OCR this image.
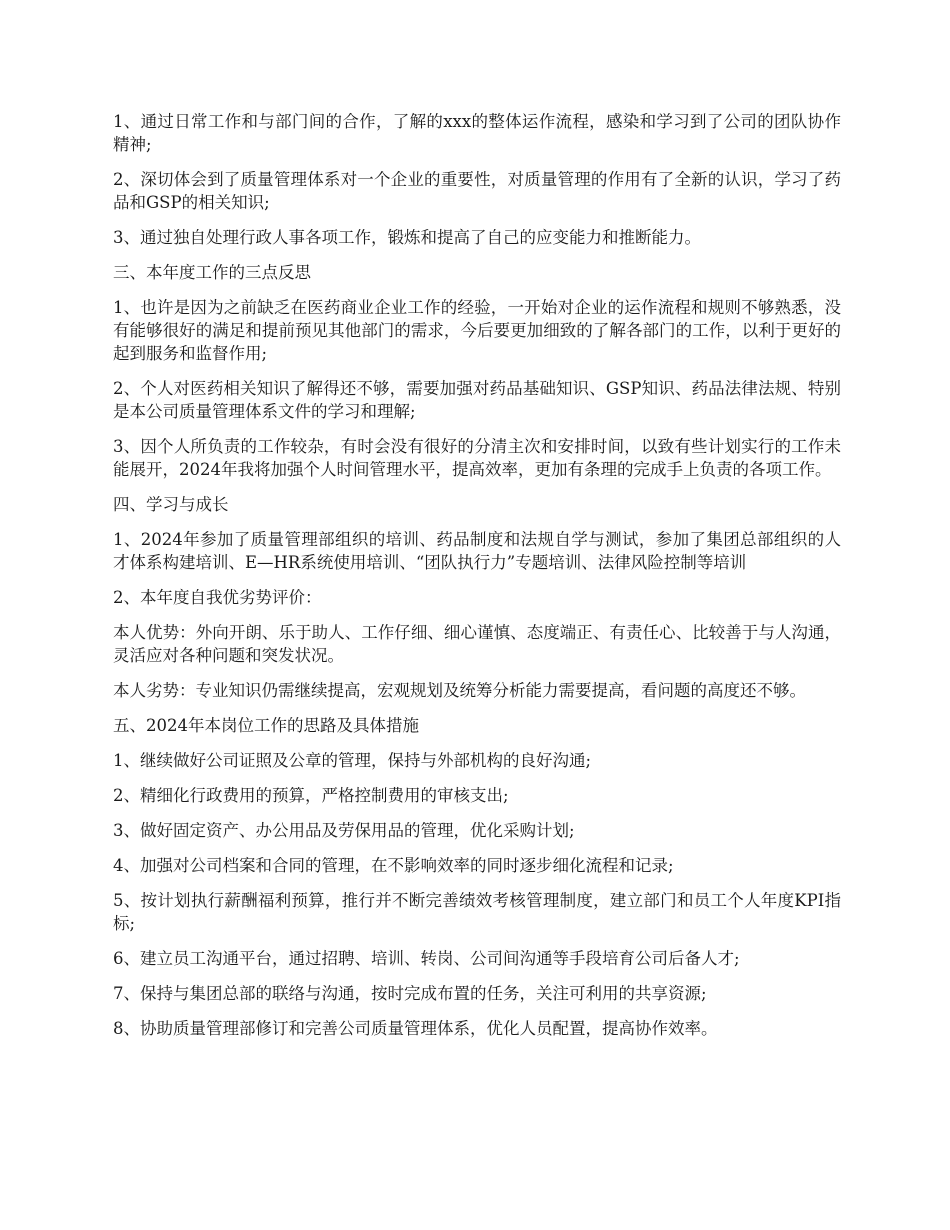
1、通过日常工作和与部门间的合作，了解的xxx的整体运作流程，感染和学习到了公司的团队协作精神;

2、深切体会到了质量管理体系对一个企业的重要性，对质量管理的作用有了全新的认识，学习了药品和GSP的相关知识;

3、通过独自处理行政人事各项工作，锻炼和提高了自己的应变能力和推断能力。

三、本年度工作的三点反思

1、也许是因为之前缺乏在医药商业企业工作的经验，一开始对企业的运作流程和规则不够熟悉，没有能够很好的满足和提前预见其他部门的需求，今后要更加细致的了解各部门的工作，以利于更好的起到服务和监督作用;

2、个人对医药相关知识了解得还不够，需要加强对药品基础知识、GSP知识、药品法律法规、特别是本公司质量管理体系文件的学习和理解;

3、因个人所负责的工作较杂，有时会没有很好的分清主次和安排时间，以致有些计划实行的工作未能展开，2024年我将加强个人时间管理水平，提高效率，更加有条理的完成手上负责的各项工作。

四、学习与成长

1、2024年参加了质量管理部组织的培训、药品制度和法规自学与测试，参加了集团总部组织的人才体系构建培训、E—HR系统使用培训、“团队执行力”专题培训、法律风险控制等培训

2、本年度自我优劣势评价：

本人优势：外向开朗、乐于助人、工作仔细、细心谨慎、态度端正、有责任心、比较善于与人沟通，灵活应对各种问题和突发状况。

本人劣势：专业知识仍需继续提高，宏观规划及统筹分析能力需要提高，看问题的高度还不够。

五、2024年本岗位工作的思路及具体措施

1、继续做好公司证照及公章的管理，保持与外部机构的良好沟通;

2、精细化行政费用的预算，严格控制费用的审核支出;

3、做好固定资产、办公用品及劳保用品的管理，优化采购计划;

4、加强对公司档案和合同的管理，在不影响效率的同时逐步细化流程和记录;

5、按计划执行薪酬福利预算，推行并不断完善绩效考核管理制度，建立部门和员工个人年度KPI指标;

6、建立员工沟通平台，通过招聘、培训、转岗、公司间沟通等手段培育公司后备人才;

7、保持与集团总部的联络与沟通，按时完成布置的任务，关注可利用的共享资源;

8、协助质量管理部修订和完善公司质量管理体系，优化人员配置，提高协作效率。
